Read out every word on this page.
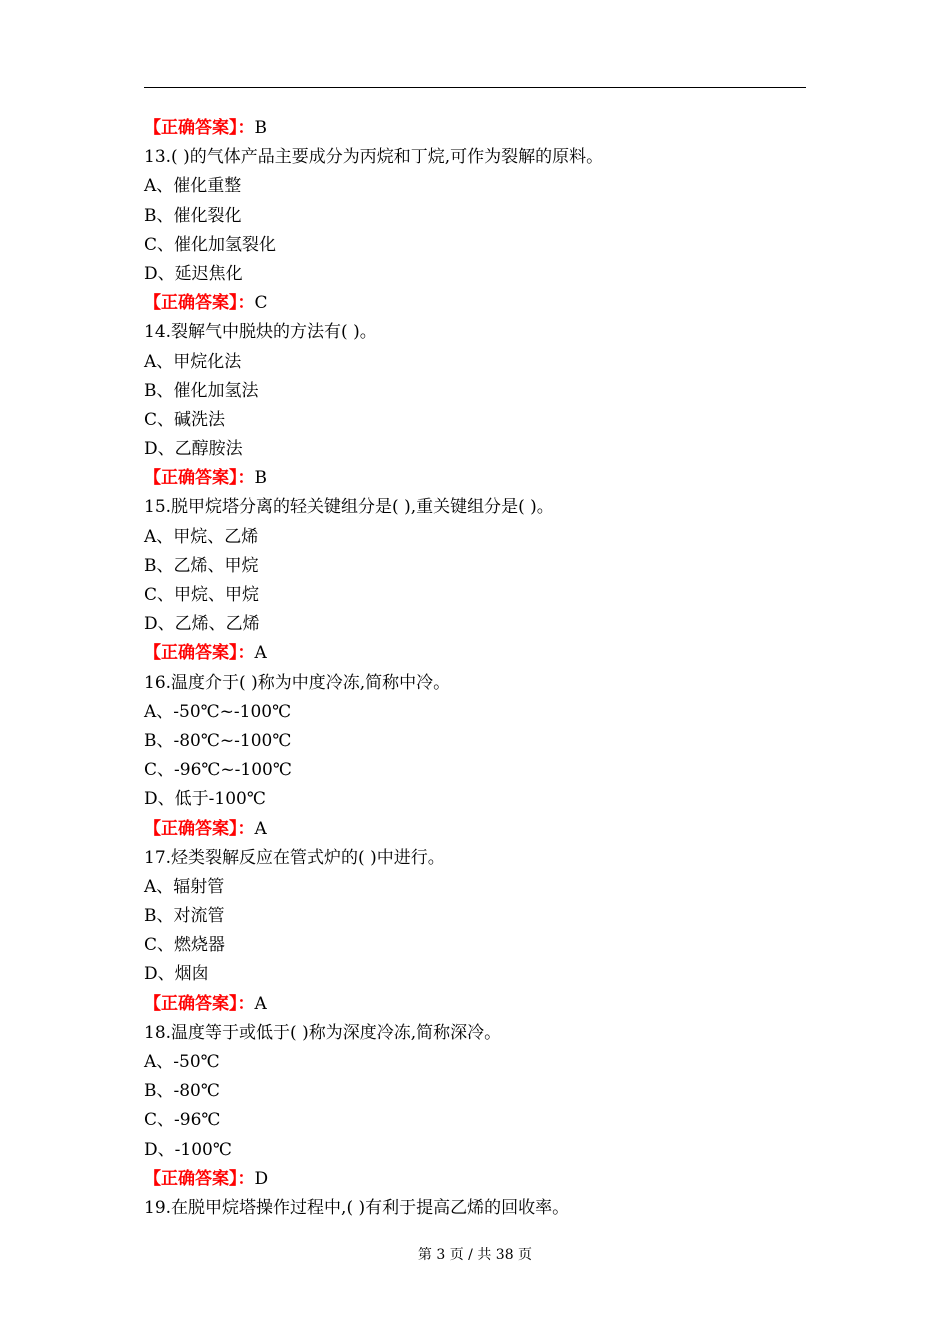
【正确答案】：B
13.( )的气体产品主要成分为丙烷和丁烷,可作为裂解的原料。
A、催化重整
B、催化裂化
C、催化加氢裂化
D、延迟焦化
【正确答案】：C
14.裂解气中脱炔的方法有( )。
A、甲烷化法
B、催化加氢法
C、碱洗法
D、乙醇胺法
【正确答案】：B
15.脱甲烷塔分离的轻关键组分是( ),重关键组分是( )。
A、甲烷、乙烯
B、乙烯、甲烷
C、甲烷、甲烷
D、乙烯、乙烯
【正确答案】：A
16.温度介于( )称为中度冷冻,简称中冷。
A、-50℃~-100℃
B、-80℃~-100℃
C、-96℃~-100℃
D、低于-100℃
【正确答案】：A
17.烃类裂解反应在管式炉的( )中进行。
A、辐射管
B、对流管
C、燃烧器
D、烟囱
【正确答案】：A
18.温度等于或低于( )称为深度冷冻,简称深冷。
A、-50℃
B、-80℃
C、-96℃
D、-100℃
【正确答案】：D
19.在脱甲烷塔操作过程中,( )有利于提高乙烯的回收率。
第 3 页 / 共 38 页
